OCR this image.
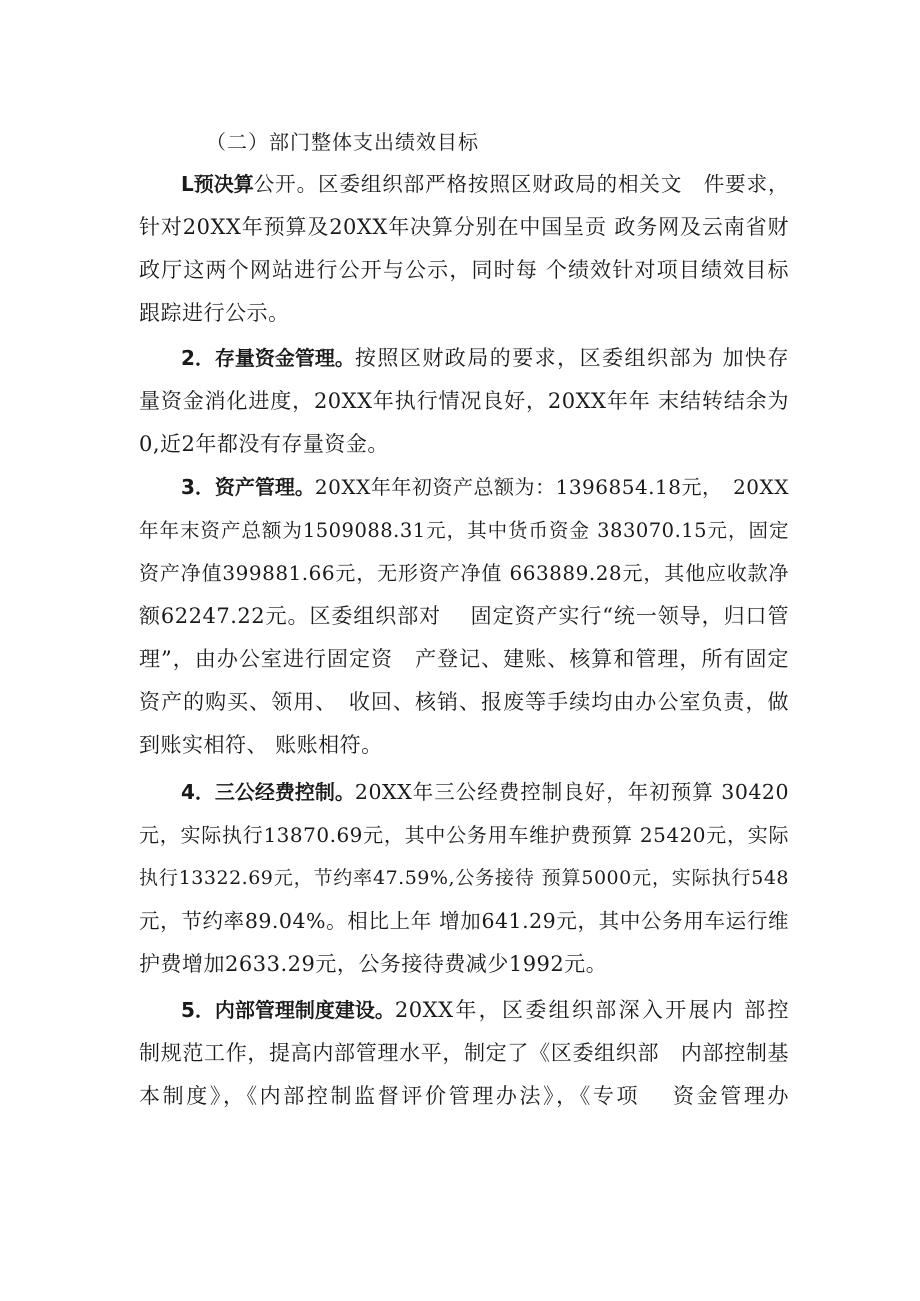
（二）部门整体支出绩效目标
L预决算 公开。区委组织部严格按照区财政局的相关文　件要求，
针对20XX年预算及20XX年决算分别在中国呈贡 政务网及云南省财
政厅这两个网站进行公开与公示，同时每 个绩效针对项目绩效目标
跟踪进行公示。
2．存量资金管理。 按照区财政局的要求，区委组织部为 加快存
量资金消化进度，20XX年执行情况良好，20XX年年 末结转结余为
0,近2年都没有存量资金。
3．资产管理。 20XX年年初资产总额为：1396854.18元，　20XX
年年末资产总额为1509088.31元，其中货币资金 383070.15元，固定
资产净值399881.66元，无形资产净值 663889.28元，其他应收款净
额62247.22元。区委组织部对　 固定资产实行“统一领导，归口管
理”，由办公室进行固定资　产登记、建账、核算和管理，所有固定
资产的购买、领用、　收回、核销、报废等手续均由办公室负责，做
到账实相符、 账账相符。
4．三公经费控制。 20XX年三公经费控制良好，年初预算 30420
元，实际执行13870.69元，其中公务用车维护费预算 25420元，实际
执行13322.69元，节约率47.59%,公务接待 预算5000元，实际执行548
元，节约率89.04%。相比上年 增加641.29元，其中公务用车运行维
护费增加2633.29元，公务接待费减少1992元。
5．内部管理制度建设。 20XX年，区委组织部深入开展内 部控
制规范工作，提高内部管理水平，制定了《区委组织部　内部控制基
本制度》，《内部控制监督评价管理办法》，《专项　 资金管理办
